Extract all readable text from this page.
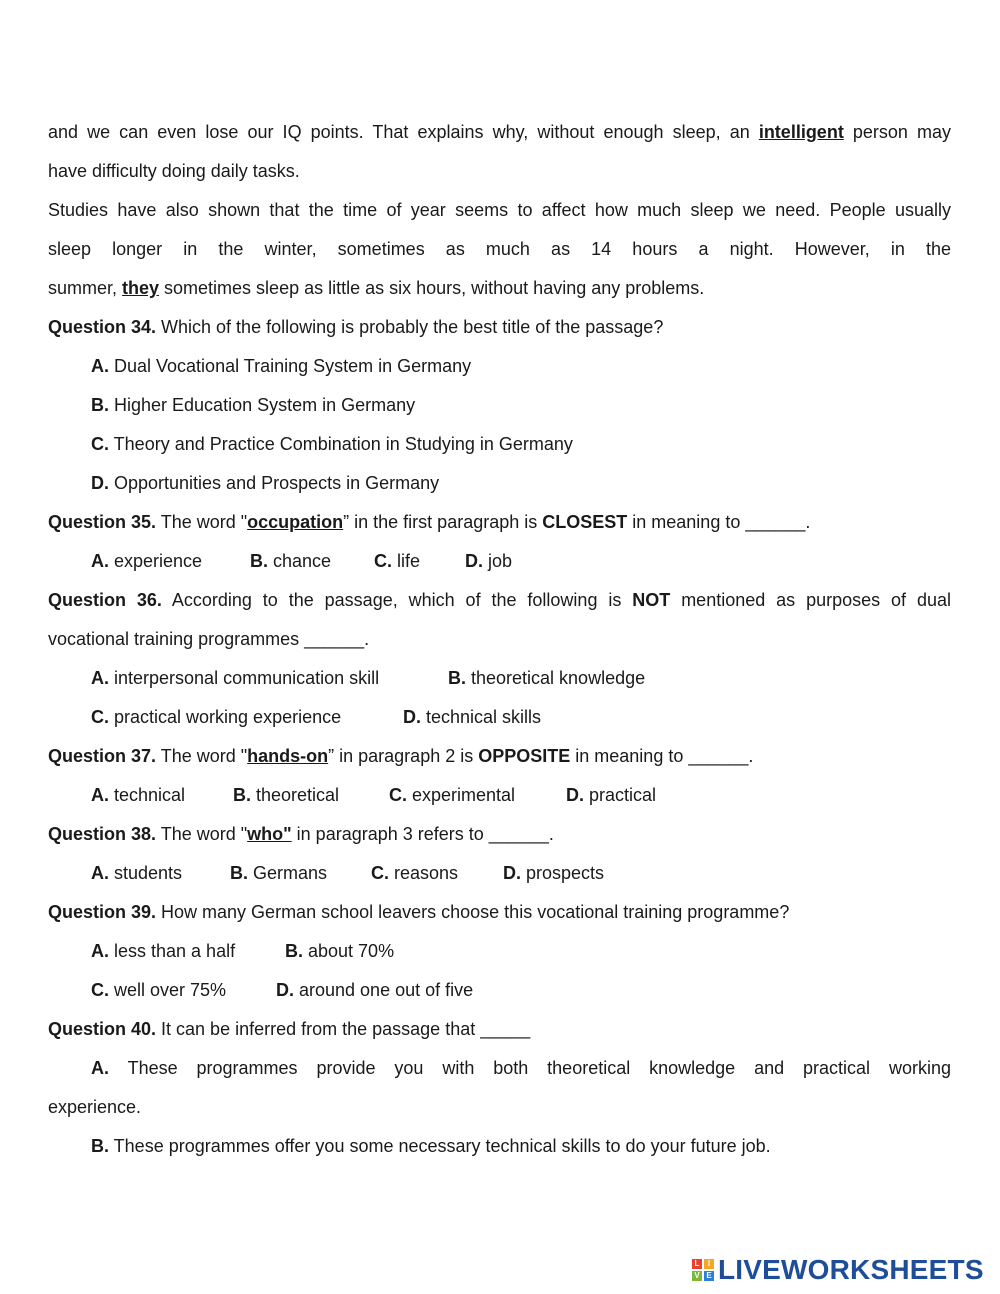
and we can even lose our IQ points. That explains why, without enough sleep, an intelligent person may
have difficulty doing daily tasks.
Studies have also shown that the time of year seems to affect how much sleep we need. People usually
sleep longer in the winter, sometimes as much as 14 hours a night. However, in the
summer, they sometimes sleep as little as six hours, without having any problems.
Question 34. Which of the following is probably the best title of the passage?
A. Dual Vocational Training System in Germany
B. Higher Education System in Germany
C. Theory and Practice Combination in Studying in Germany
D. Opportunities and Prospects in Germany
Question 35. The word "occupation” in the first paragraph is CLOSEST in meaning to ______.
A. experience	B. chance C. life D. job
Question 36. According to the passage, which of the following is NOT mentioned as purposes of dual
vocational training programmes ______.
A. interpersonal communication skill	B. theoretical knowledge
C. practical working experience	D. technical skills
Question 37. The word "hands-on” in paragraph 2 is OPPOSITE in meaning to ______.
A. technical	B. theoretical	C. experimental	D. practical
Question 38. The word "who" in paragraph 3 refers to ______.
A. students	B. Germans C. reasons D. prospects
Question 39. How many German school leavers choose this vocational training programme?
A. less than a half	B. about 70%
C. well over 75%	D. around one out of five
Question 40. It can be inferred from the passage that _____
A. These programmes provide you with both theoretical knowledge and practical working
experience.
B. These programmes offer you some necessary technical skills to do your future job.
L	I
V E LIVEWORKSHEETS
